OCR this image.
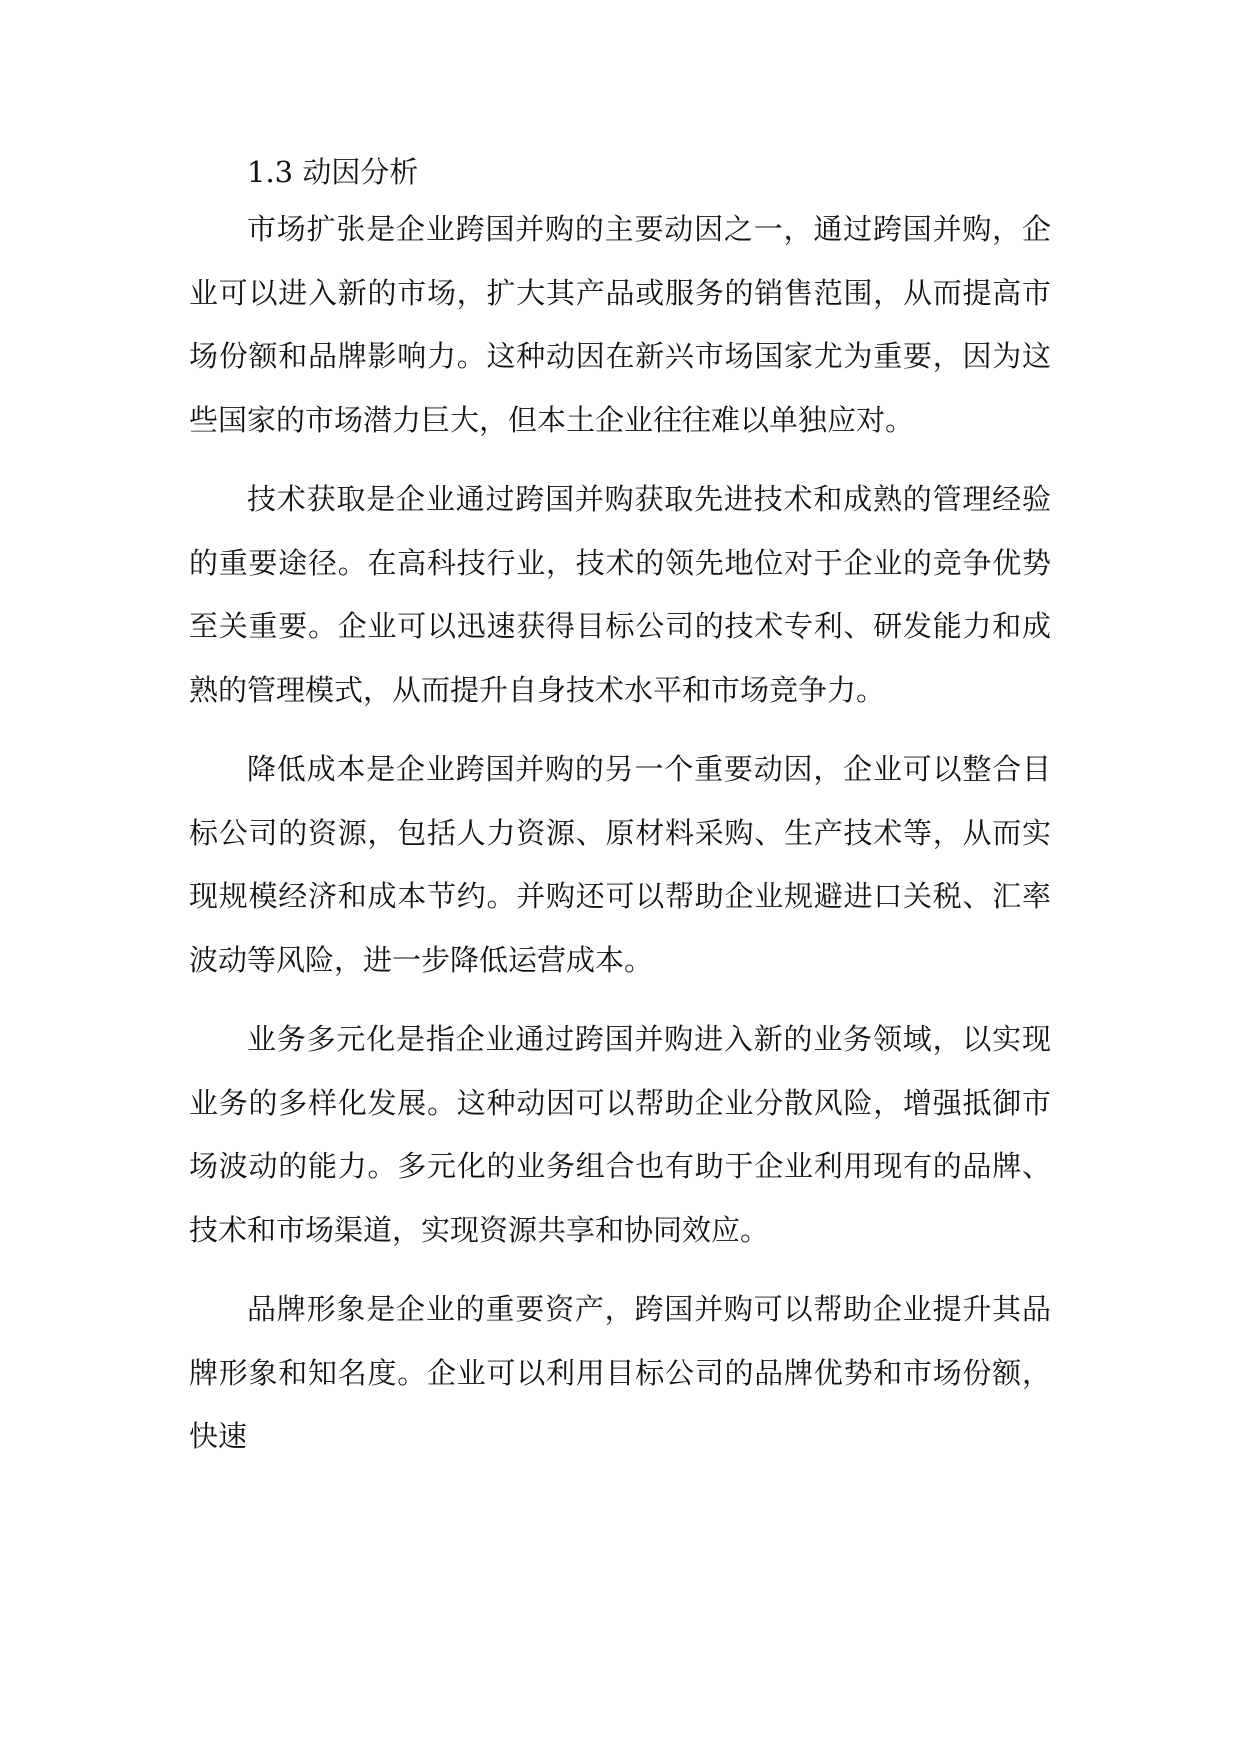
1.3 动因分析

市场扩张是企业跨国并购的主要动因之一，通过跨国并购，企业可以进入新的市场，扩大其产品或服务的销售范围，从而提高市场份额和品牌影响力。这种动因在新兴市场国家尤为重要，因为这些国家的市场潜力巨大，但本土企业往往难以单独应对。

技术获取是企业通过跨国并购获取先进技术和成熟的管理经验的重要途径。在高科技行业，技术的领先地位对于企业的竞争优势至关重要。企业可以迅速获得目标公司的技术专利、研发能力和成熟的管理模式，从而提升自身技术水平和市场竞争力。

降低成本是企业跨国并购的另一个重要动因，企业可以整合目标公司的资源，包括人力资源、原材料采购、生产技术等，从而实现规模经济和成本节约。并购还可以帮助企业规避进口关税、汇率波动等风险，进一步降低运营成本。

业务多元化是指企业通过跨国并购进入新的业务领域，以实现业务的多样化发展。这种动因可以帮助企业分散风险，增强抵御市场波动的能力。多元化的业务组合也有助于企业利用现有的品牌、技术和市场渠道，实现资源共享和协同效应。

品牌形象是企业的重要资产，跨国并购可以帮助企业提升其品牌形象和知名度。企业可以利用目标公司的品牌优势和市场份额，快速
